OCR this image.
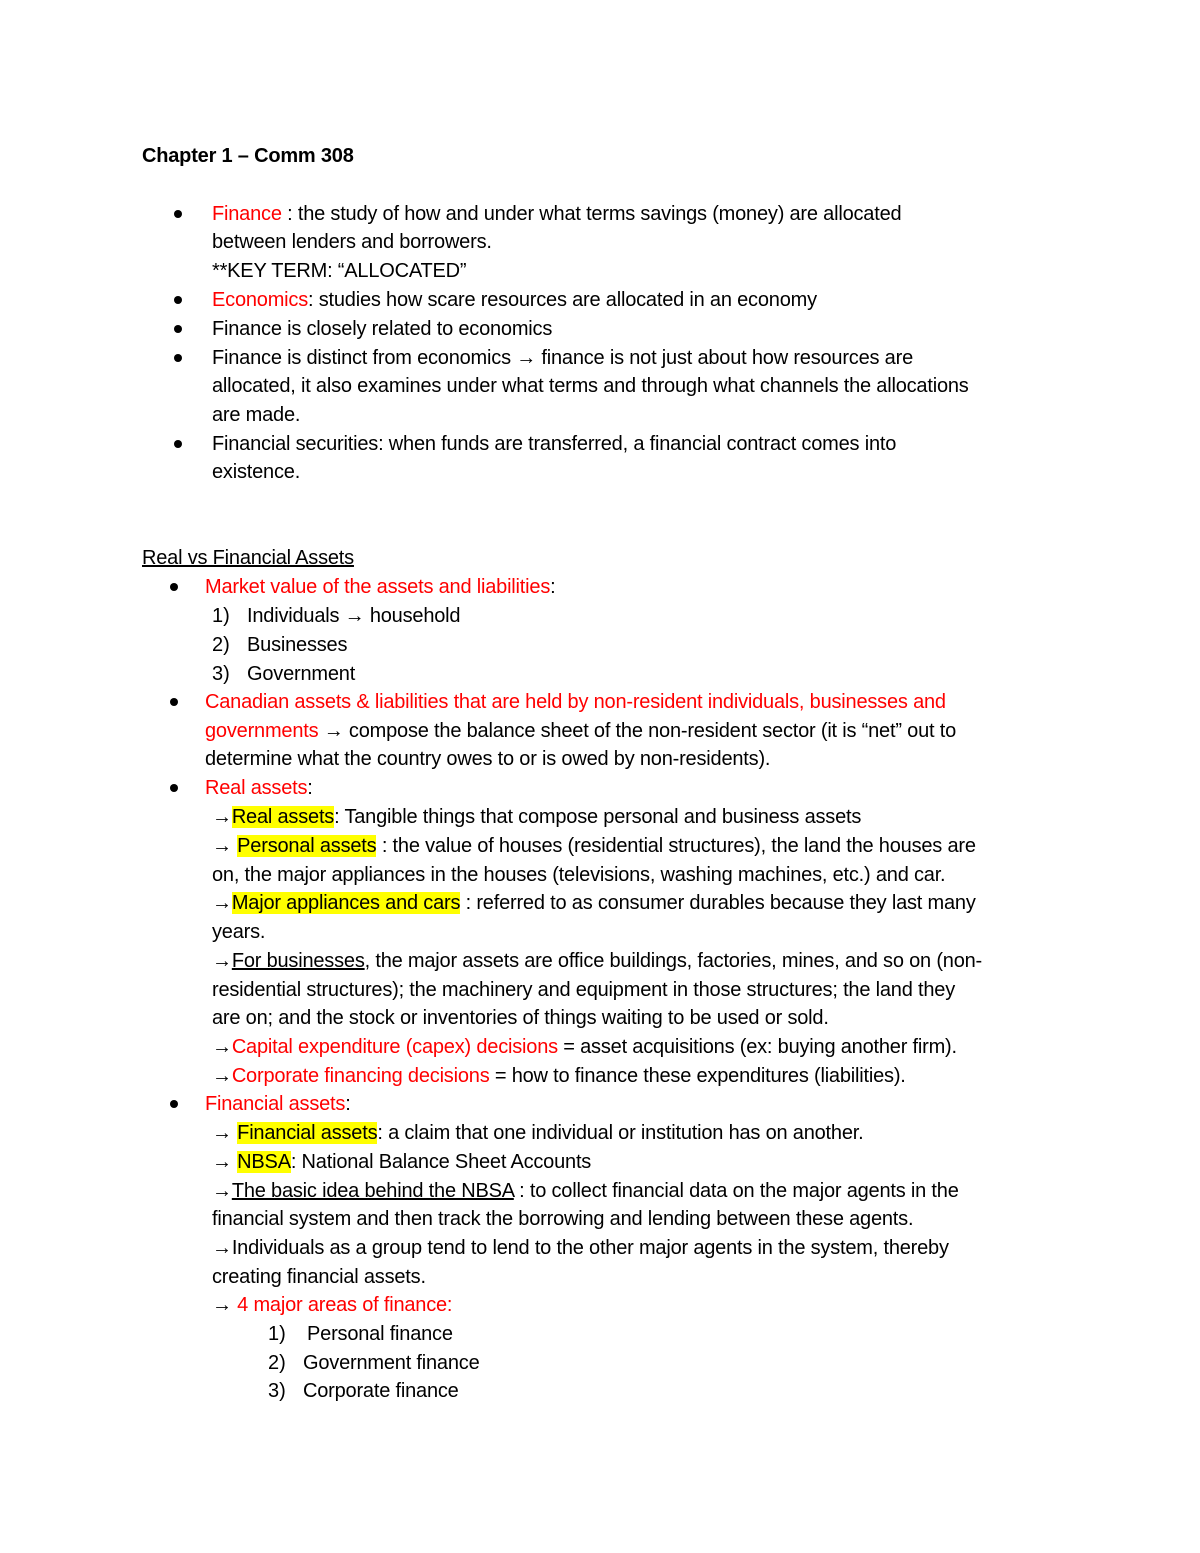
Chapter 1 – Comm 308
Finance : the study of how and under what terms savings (money) are allocated
between lenders and borrowers.
**KEY TERM: “ALLOCATED”
Economics: studies how scare resources are allocated in an economy
Finance is closely related to economics
Finance is distinct from economics → finance is not just about how resources are
allocated, it also examines under what terms and through what channels the allocations
are made.
Financial securities: when funds are transferred, a financial contract comes into
existence.
Real vs Financial Assets
Market value of the assets and liabilities:
1) Individuals → household
2) Businesses
3) Government
Canadian assets & liabilities that are held by non-resident individuals, businesses and
governments → compose the balance sheet of the non-resident sector (it is “net” out to
determine what the country owes to or is owed by non-residents).
Real assets:
→Real assets: Tangible things that compose personal and business assets
→ Personal assets : the value of houses (residential structures), the land the houses are
on, the major appliances in the houses (televisions, washing machines, etc.) and car.
→Major appliances and cars : referred to as consumer durables because they last many
years.
→For businesses, the major assets are office buildings, factories, mines, and so on (non-
residential structures); the machinery and equipment in those structures; the land they
are on; and the stock or inventories of things waiting to be used or sold.
→Capital expenditure (capex) decisions = asset acquisitions (ex: buying another firm).
→Corporate financing decisions = how to finance these expenditures (liabilities).
Financial assets:
→ Financial assets: a claim that one individual or institution has on another.
→ NBSA: National Balance Sheet Accounts
→The basic idea behind the NBSA : to collect financial data on the major agents in the
financial system and then track the borrowing and lending between these agents.
→Individuals as a group tend to lend to the other major agents in the system, thereby
creating financial assets.
→ 4 major areas of finance:
1) Personal finance
2) Government finance
3) Corporate finance
